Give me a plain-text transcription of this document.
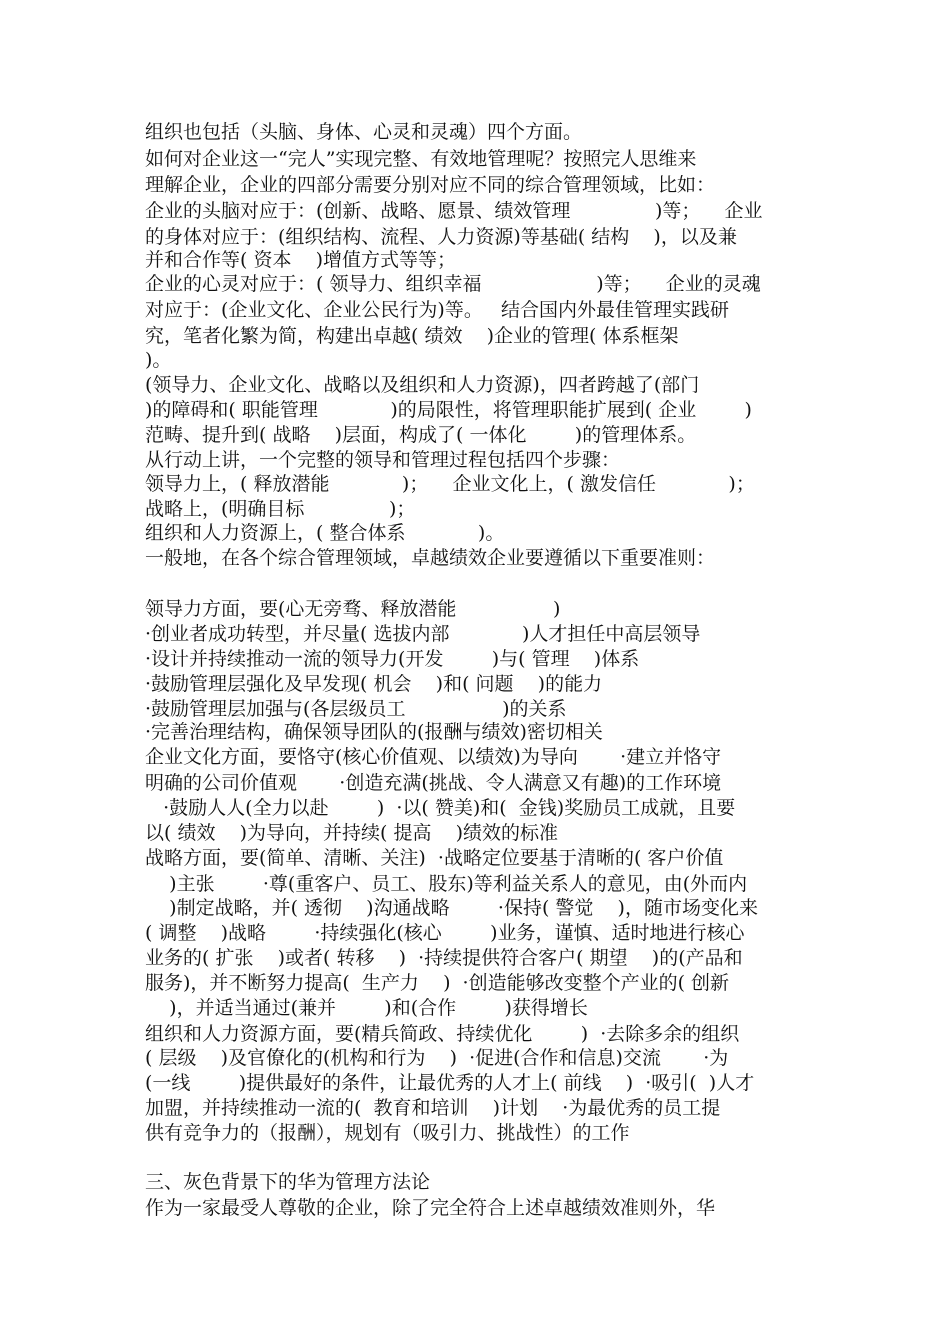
组织也包括（头脑、身体、心灵和灵魂）四个方面。
如何对企业这一“完人”实现完整、有效地管理呢？按照完人思维来
理解企业，企业的四部分需要分别对应不同的综合管理领域，比如：
企业的头脑对应于：(创新、战略、愿景、绩效管理              )等；    企业
的身体对应于：(组织结构、流程、人力资源)等基础( 结构    )，以及兼
并和合作等( 资本    )增值方式等等；
企业的心灵对应于：( 领导力、组织幸福                   )等；    企业的灵魂
对应于：(企业文化、企业公民行为)等。   结合国内外最佳管理实践研
究，笔者化繁为简，构建出卓越( 绩效    )企业的管理( 体系框架
)。
(领导力、企业文化、战略以及组织和人力资源)，四者跨越了(部门
)的障碍和( 职能管理            )的局限性，将管理职能扩展到( 企业        )
范畴、提升到( 战略    )层面，构成了( 一体化        )的管理体系。
从行动上讲，一个完整的领导和管理过程包括四个步骤：
领导力上，( 释放潜能            )；    企业文化上，( 激发信任            )；
战略上，(明确目标              )；
组织和人力资源上，( 整合体系            )。
一般地，在各个综合管理领域，卓越绩效企业要遵循以下重要准则：
领导力方面，要(心无旁骛、释放潜能                )
·创业者成功转型，并尽量( 选拔内部            )人才担任中高层领导
·设计并持续推动一流的领导力(开发        )与( 管理    )体系
·鼓励管理层强化及早发现( 机会    )和( 问题    )的能力
·鼓励管理层加强与(各层级员工                )的关系
·完善治理结构，确保领导团队的(报酬与绩效)密切相关
企业文化方面，要恪守(核心价值观、以绩效)为导向       ·建立并恪守
明确的公司价值观       ·创造充满(挑战、令人满意又有趣)的工作环境
·鼓励人人(全力以赴        )  ·以( 赞美)和(  金钱)奖励员工成就，且要
以( 绩效    )为导向，并持续( 提高    )绩效的标准
战略方面，要(简单、清晰、关注)  ·战略定位要基于清晰的( 客户价值
)主张        ·尊(重客户、员工、股东)等利益关系人的意见，由(外而内
)制定战略，并( 透彻    )沟通战略        ·保持( 警觉    )，随市场变化来
( 调整    )战略        ·持续强化(核心        )业务，谨慎、适时地进行核心
业务的( 扩张    )或者( 转移    )  ·持续提供符合客户( 期望    )的(产品和
服务)，并不断努力提高(  生产力    )  ·创造能够改变整个产业的( 创新
)，并适当通过(兼并        )和(合作        )获得增长
组织和人力资源方面，要(精兵简政、持续优化        )  ·去除多余的组织
( 层级    )及官僚化的(机构和行为    )  ·促进(合作和信息)交流       ·为
(一线        )提供最好的条件，让最优秀的人才上( 前线    )  ·吸引(  )人才
加盟，并持续推动一流的(  教育和培训    )计划    ·为最优秀的员工提
供有竞争力的（报酬），规划有（吸引力、挑战性）的工作
三、灰色背景下的华为管理方法论
作为一家最受人尊敬的企业，除了完全符合上述卓越绩效准则外，华
